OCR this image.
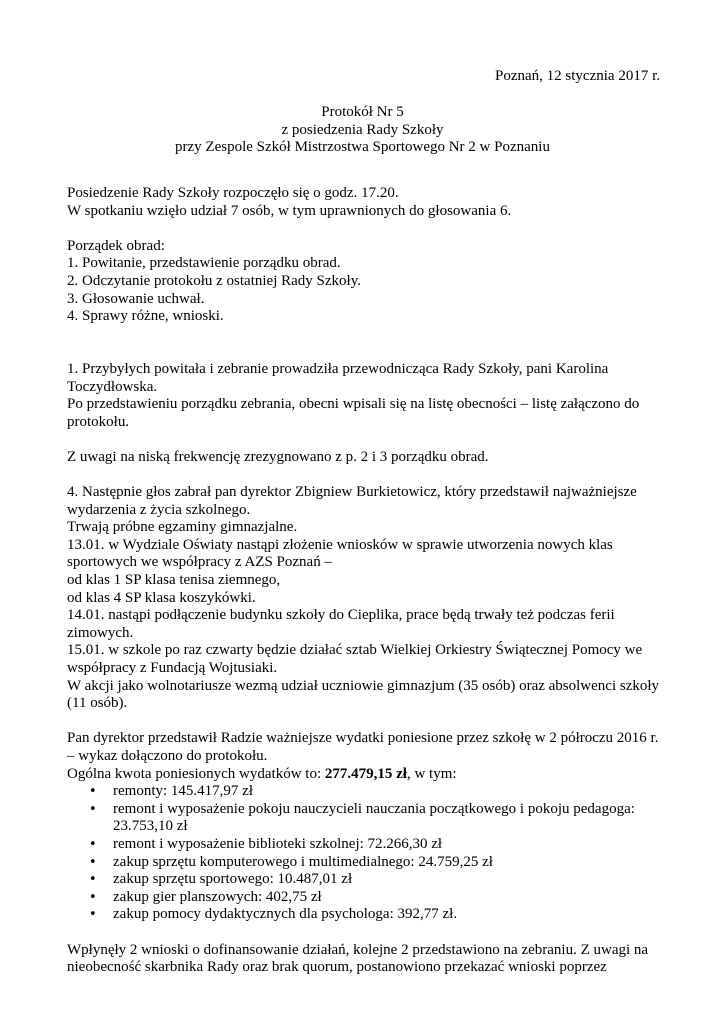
Poznań, 12 stycznia 2017 r.

Protokół Nr 5

z posiedzenia Rady Szkoły

przy Zespole Szkół Mistrzostwa Sportowego Nr 2 w Poznaniu

Posiedzenie Rady Szkoły rozpoczęło się o godz. 17.20.

W spotkaniu wzięło udział 7 osób, w tym uprawnionych do głosowania 6.

Porządek obrad:

1. Powitanie, przedstawienie porządku obrad.

2. Odczytanie protokołu z ostatniej Rady Szkoły.

3. Głosowanie uchwał.

4. Sprawy różne, wnioski.

1. Przybyłych powitała i zebranie prowadziła przewodnicząca Rady Szkoły, pani Karolina

Toczydłowska.

Po przedstawieniu porządku zebrania, obecni wpisali się na listę obecności – listę załączono do

protokołu.

Z uwagi na niską frekwencję zrezygnowano z p. 2 i 3 porządku obrad.

4. Następnie głos zabrał pan dyrektor Zbigniew Burkietowicz, który przedstawił najważniejsze

wydarzenia z życia szkolnego.

Trwają próbne egzaminy gimnazjalne.

13.01. w Wydziale Oświaty nastąpi złożenie wniosków w sprawie utworzenia nowych klas

sportowych we współpracy z AZS Poznań –

od klas 1 SP klasa tenisa ziemnego,

od klas 4 SP klasa koszykówki.

14.01. nastąpi podłączenie budynku szkoły do Cieplika, prace będą trwały też podczas ferii

zimowych.

15.01. w szkole po raz czwarty będzie działać sztab Wielkiej Orkiestry Świątecznej Pomocy we

współpracy z Fundacją Wojtusiaki.

W akcji jako wolnotariusze wezmą udział uczniowie gimnazjum (35 osób) oraz absolwenci szkoły

(11 osób).

Pan dyrektor przedstawił Radzie ważniejsze wydatki poniesione przez szkołę w 2 półroczu 2016 r.

– wykaz dołączono do protokołu.

Ogólna kwota poniesionych wydatków to: 277.479,15 zł, w tym:

• remonty: 145.417,97 zł
• remont i wyposażenie pokoju nauczycieli nauczania początkowego i pokoju pedagoga: 23.753,10 zł
• remont i wyposażenie biblioteki szkolnej: 72.266,30 zł
• zakup sprzętu komputerowego i multimedialnego: 24.759,25 zł
• zakup sprzętu sportowego: 10.487,01 zł
• zakup gier planszowych: 402,75 zł
• zakup pomocy dydaktycznych dla psychologa: 392,77 zł.

Wpłynęły 2 wnioski o dofinansowanie działań, kolejne 2 przedstawiono na zebraniu. Z uwagi na

nieobecność skarbnika Rady oraz brak quorum, postanowiono przekazać wnioski poprzez
